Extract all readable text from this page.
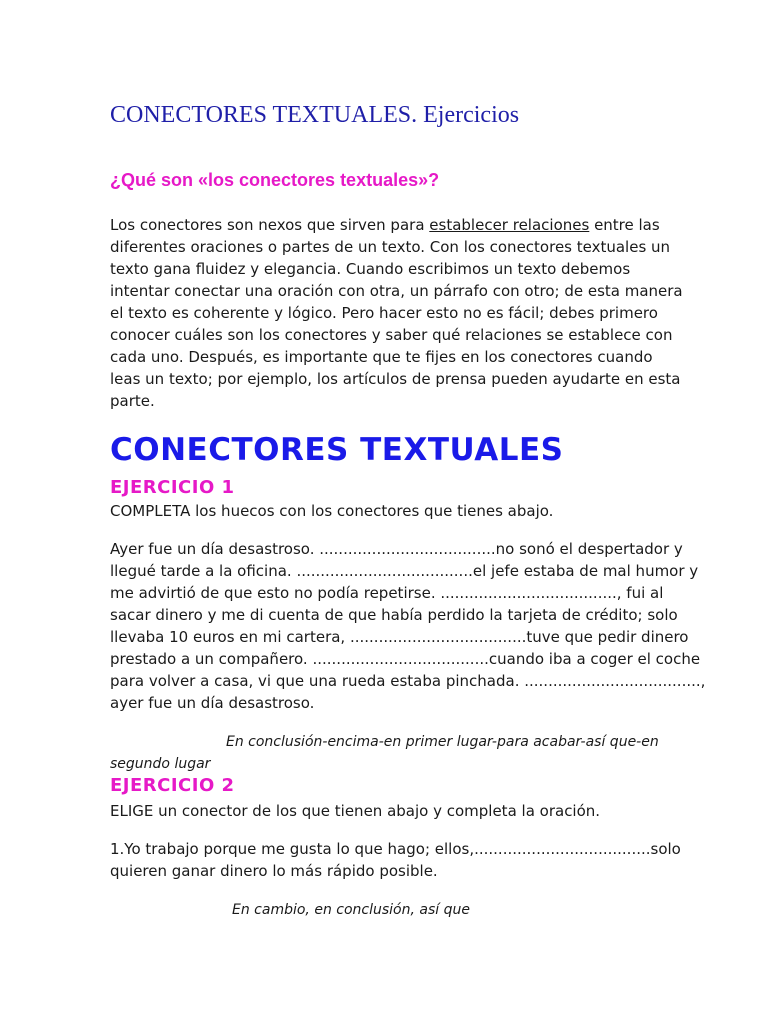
CONECTORES TEXTUALES. Ejercicios
¿Qué son «los conectores textuales»?
Los conectores son nexos que sirven para establecer relaciones entre las
diferentes oraciones o partes de un texto. Con los conectores textuales un
texto gana fluidez y elegancia. Cuando escribimos un texto debemos
intentar conectar una oración con otra, un párrafo con otro; de esta manera
el texto es coherente y lógico. Pero hacer esto no es fácil; debes primero
conocer cuáles son los conectores y saber qué relaciones se establece con
cada uno. Después, es importante que te fijes en los conectores cuando
leas un texto; por ejemplo, los artículos de prensa pueden ayudarte en esta
parte.
CONECTORES TEXTUALES
EJERCICIO 1
COMPLETA los huecos con los conectores que tienes abajo.
Ayer fue un día desastroso. .....................................no sonó el despertador y
llegué tarde a la oficina. .....................................el jefe estaba de mal humor y
me advirtió de que esto no podía repetirse. ....................................., fui al
sacar dinero y me di cuenta de que había perdido la tarjeta de crédito; solo
llevaba 10 euros en mi cartera, .....................................tuve que pedir dinero
prestado a un compañero. .....................................cuando iba a coger el coche
para volver a casa, vi que una rueda estaba pinchada. .....................................,
ayer fue un día desastroso.
En conclusión-encima-en primer lugar-para acabar-así que-en
segundo lugar
EJERCICIO 2
ELIGE un conector de los que tienen abajo y completa la oración.
1.Yo trabajo porque me gusta lo que hago; ellos,.....................................solo
quieren ganar dinero lo más rápido posible.
En cambio, en conclusión, así que
